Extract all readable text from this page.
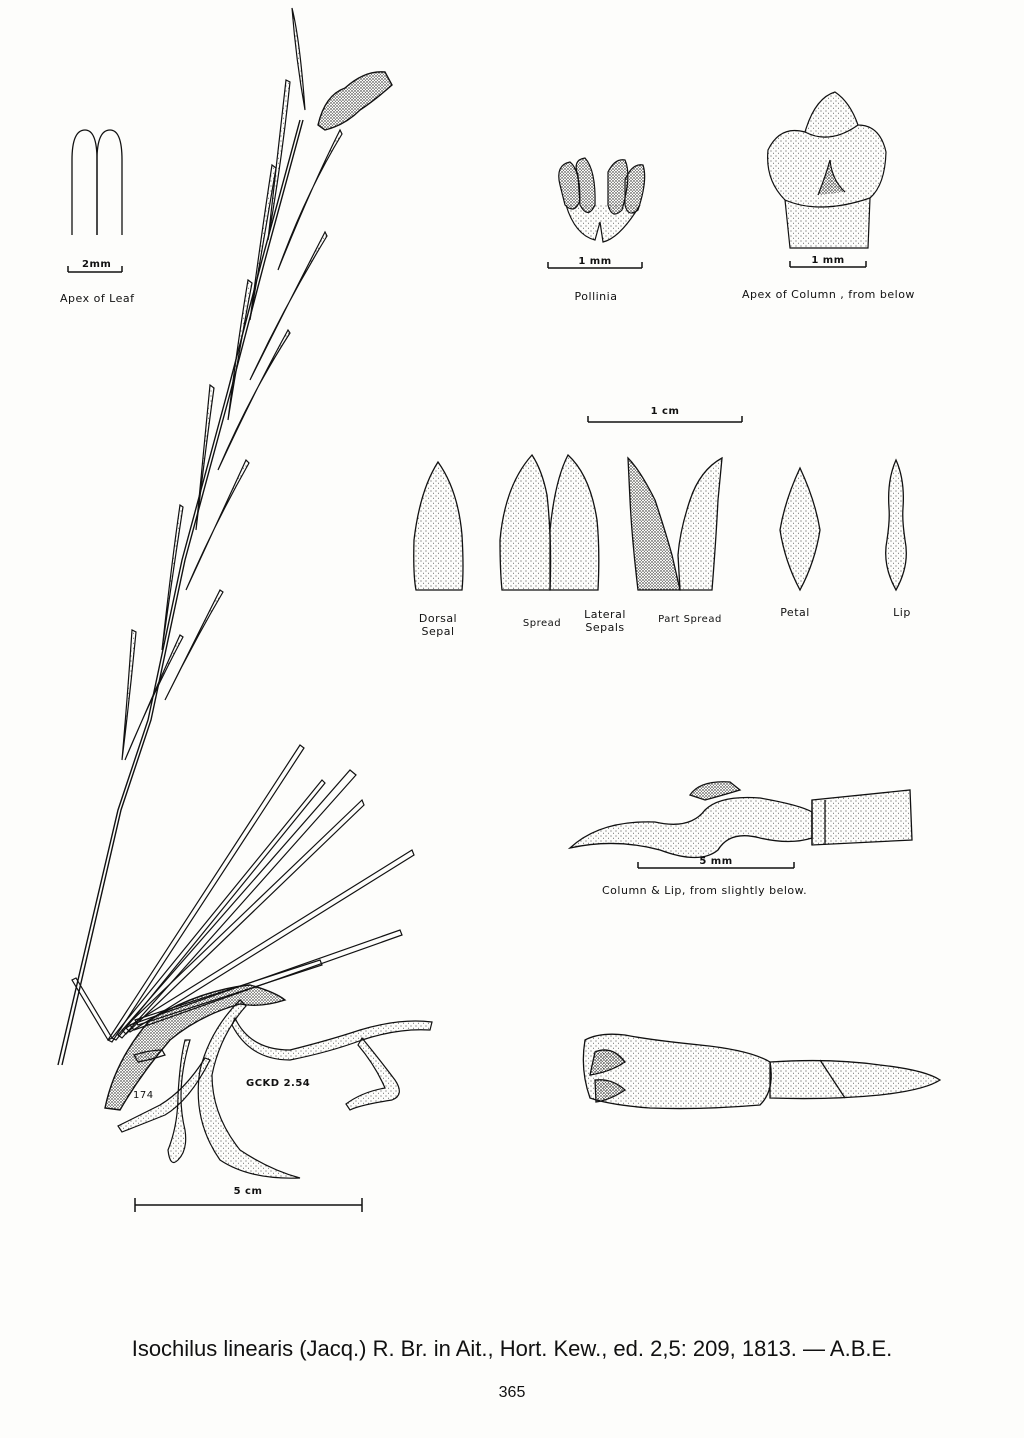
2mm
Apex of Leaf
1 mm
Pollinia
1 mm
Apex of Column , from below
1 cm
Dorsal
Sepal
Spread
Lateral
Sepals
Part Spread
Petal	Lip
5 mm
Column & Lip, from slightly below.
174
GCKD 2.54
5 cm
Isochilus linearis (Jacq.) R. Br. in Ait., Hort. Kew., ed. 2,5: 209, 1813. — A.B.E.
365
